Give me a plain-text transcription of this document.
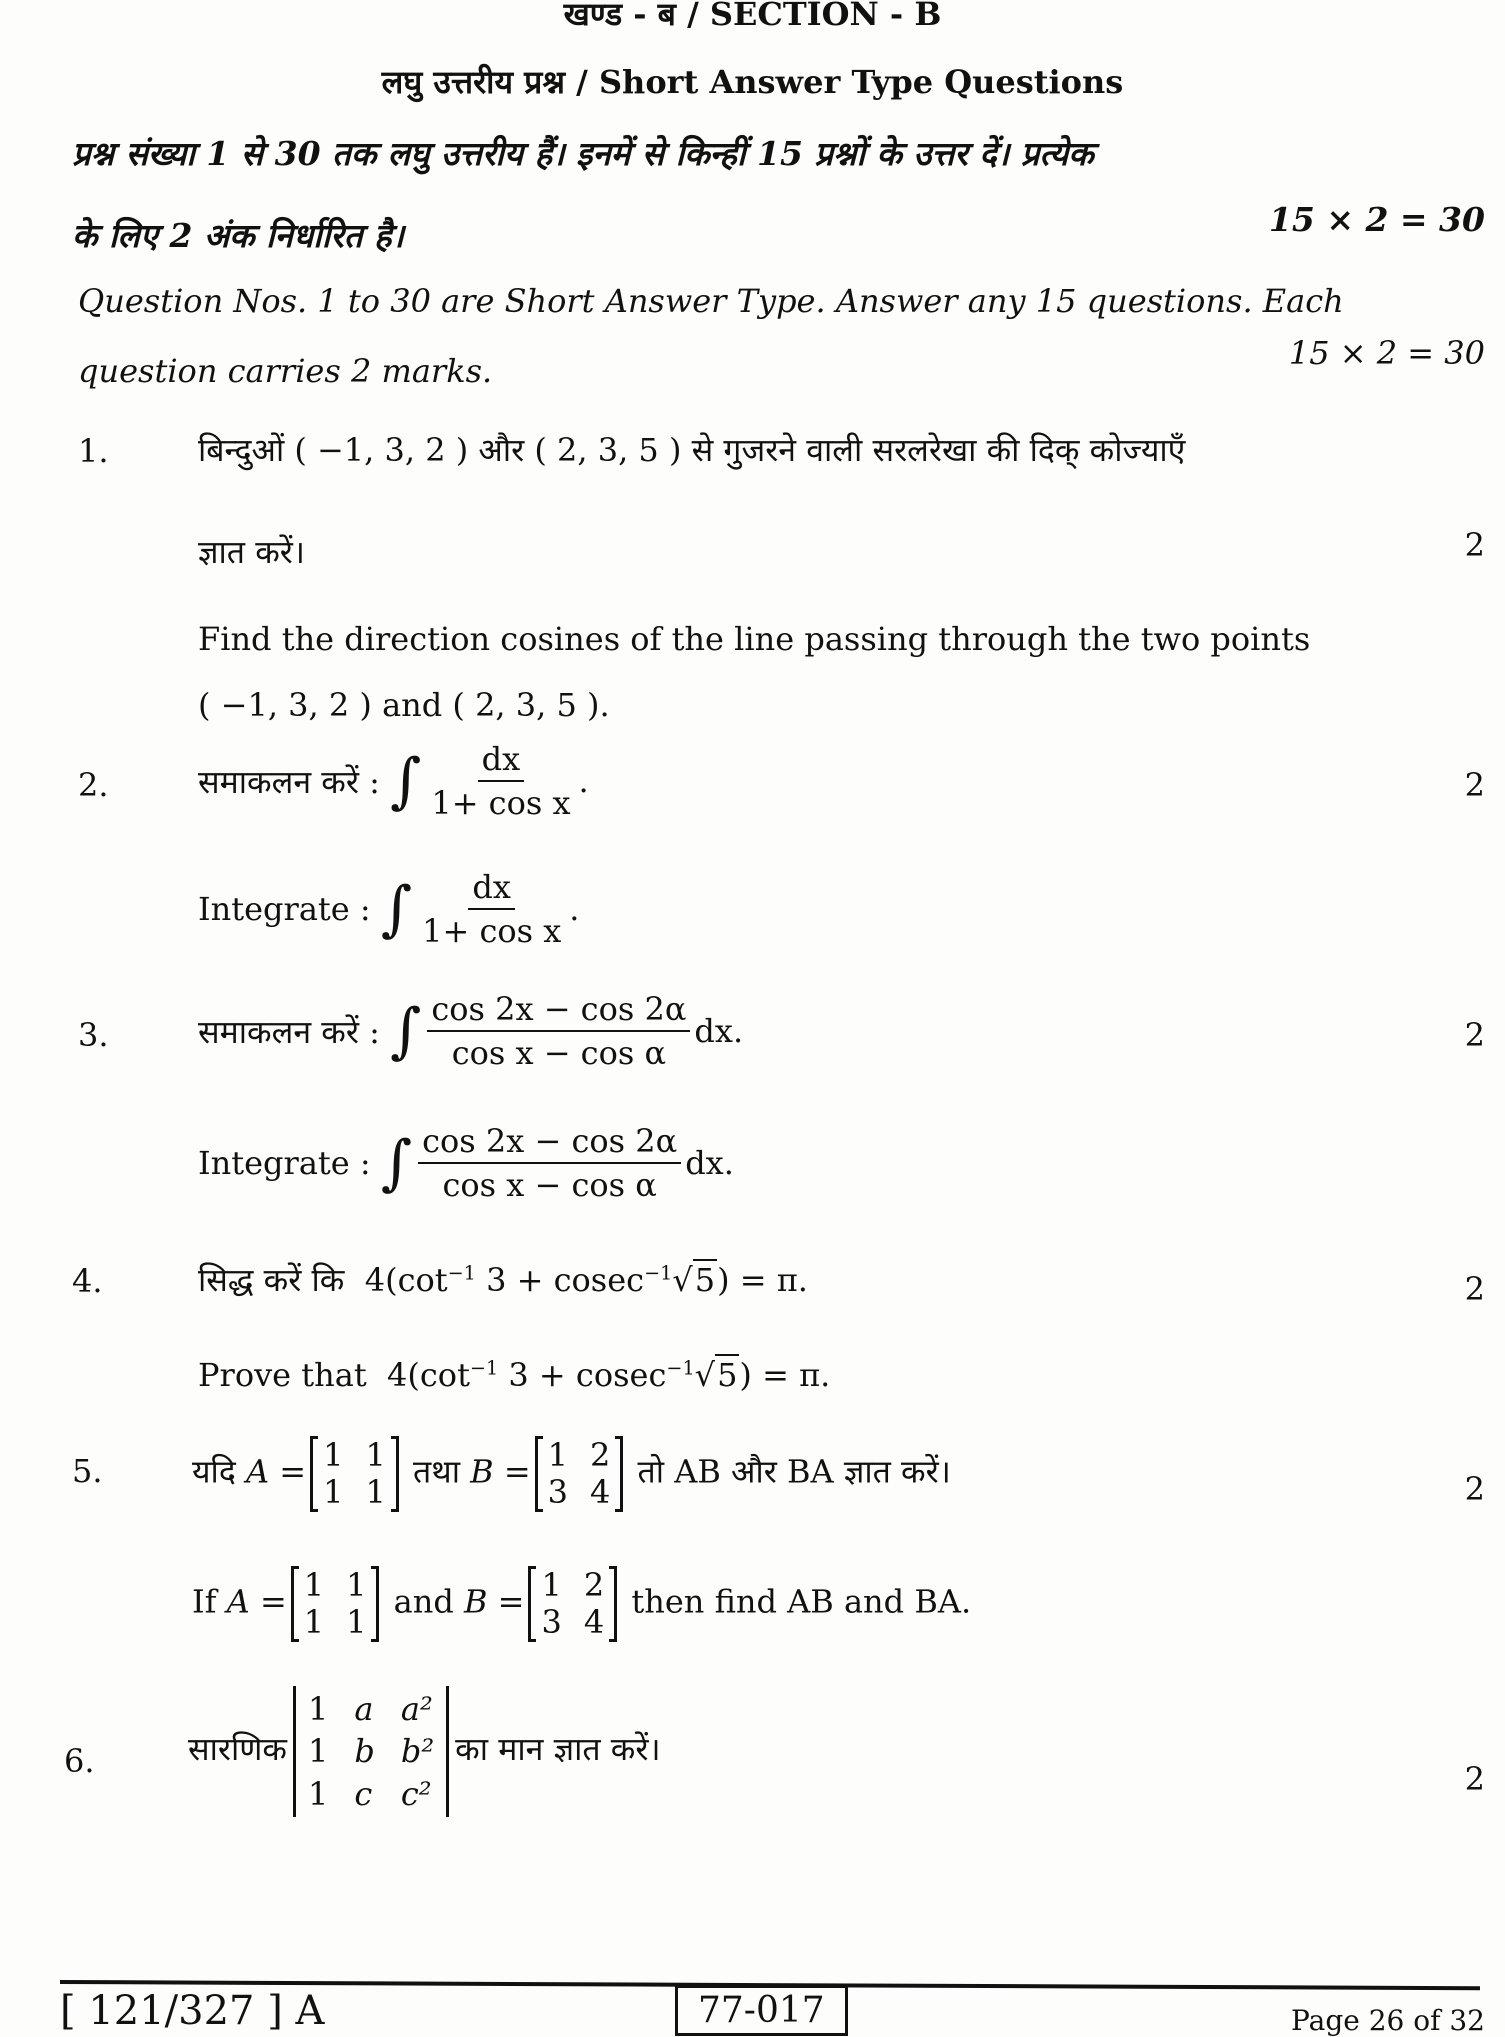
खण्ड - ब / SECTION - B
लघु उत्तरीय प्रश्न / Short Answer Type Questions
प्रश्न संख्या 1 से 30 तक लघु उत्तरीय हैं। इनमें से किन्हीं 15 प्रश्नों के उत्तर दें। प्रत्येक
के लिए 2 अंक निर्धारित है।	15 × 2 = 30
Question Nos. 1 to 30 are Short Answer Type. Answer any 15 questions. Each
question carries 2 marks.	15 × 2 = 30
1.	बिन्दुओं ( −1, 3, 2 ) और ( 2, 3, 5 ) से गुजरने वाली सरलरेखा की दिक् कोज्याएँ
ज्ञात करें।	2
Find the direction cosines of the line passing through the two points
( −1, 3, 2 ) and ( 2, 3, 5 ).
2.	समाकलन करें :
∫ $\frac{dx}{\text{1+ cos x}}$ .	2
Integrate :
∫ $\frac{dx}{\text{1+ cos x}}$ .
3.	समाकलन करें :
∫ $\frac{\cos 2x - \cos 2\alpha}{\text{cos x − cos α}}$ dx.	2
Integrate :
∫ $\frac{\cos 2x - \cos 2\alpha}{\text{cos x − cos α}}$ dx.
4.	सिद्ध करें कि $4(\cot^{-1}$ 3 + cosec$^{-1}$√5) = π.	2
Prove that $4(\cot^{-1}$ 3 + cosec$^{-1}$√5) = π.
5.	यदि A = 1 1
1 1
तथा B = 1 2
3 4
तो AB और BA ज्ञात करें।	2
If A = 1 1
1 1
and B = 1 2
3 4
then find AB and BA.
6.	सारणिक
1 a a²
1 b b²
1 c c²
का मान ज्ञात करें।
2
[ 121/327 ] A	77-017	Page 26 of 32
